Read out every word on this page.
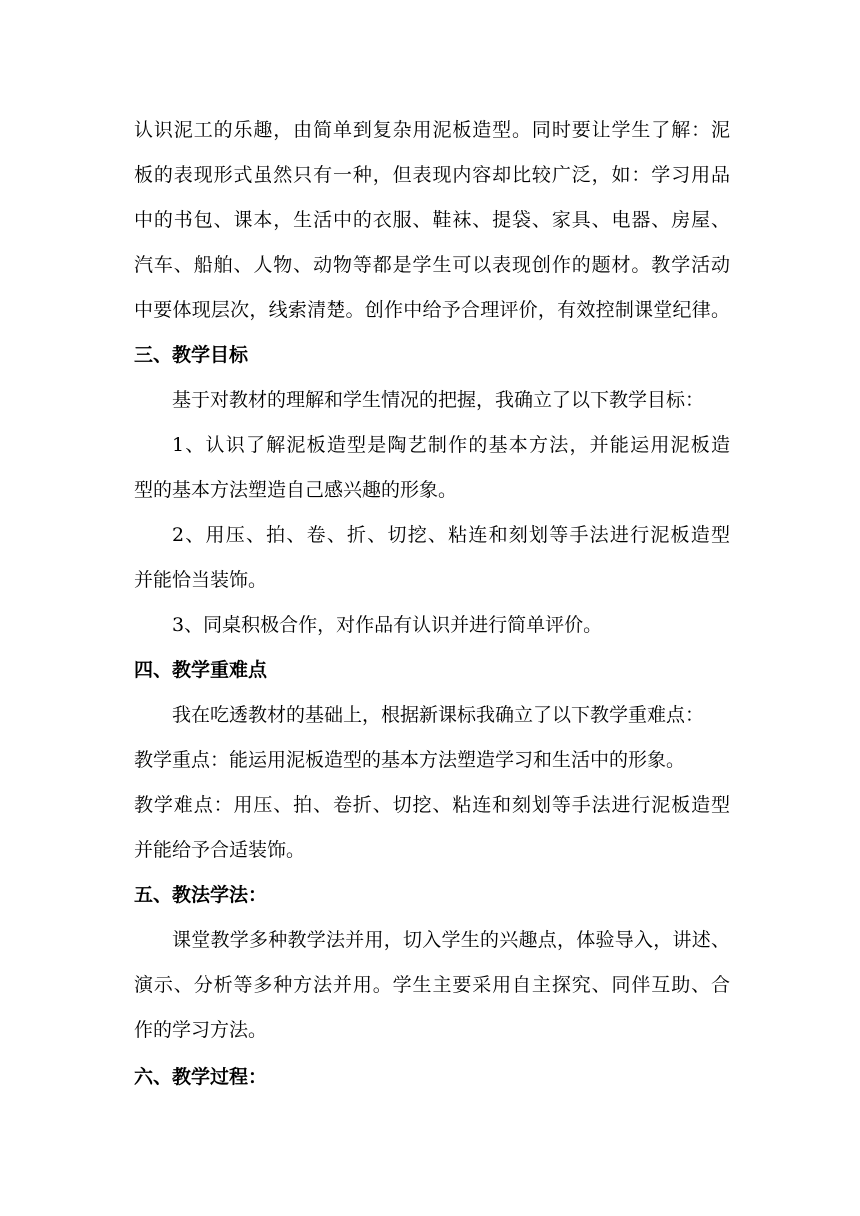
认识泥工的乐趣，由简单到复杂用泥板造型。同时要让学生了解：泥
板的表现形式虽然只有一种，但表现内容却比较广泛，如：学习用品
中的书包、课本，生活中的衣服、鞋袜、提袋、家具、电器、房屋、
汽车、船舶、人物、动物等都是学生可以表现创作的题材。教学活动
中要体现层次，线索清楚。创作中给予合理评价，有效控制课堂纪律。
三、教学目标
基于对教材的理解和学生情况的把握，我确立了以下教学目标：
1、认识了解泥板造型是陶艺制作的基本方法，并能运用泥板造
型的基本方法塑造自己感兴趣的形象。
2、用压、拍、卷、折、切挖、粘连和刻划等手法进行泥板造型
并能恰当装饰。
3、同桌积极合作，对作品有认识并进行简单评价。
四、教学重难点
我在吃透教材的基础上，根据新课标我确立了以下教学重难点：
教学重点：能运用泥板造型的基本方法塑造学习和生活中的形象。
教学难点：用压、拍、卷折、切挖、粘连和刻划等手法进行泥板造型
并能给予合适装饰。
五、教法学法：
课堂教学多种教学法并用，切入学生的兴趣点，体验导入，讲述、
演示、分析等多种方法并用。学生主要采用自主探究、同伴互助、合
作的学习方法。
六、教学过程：
